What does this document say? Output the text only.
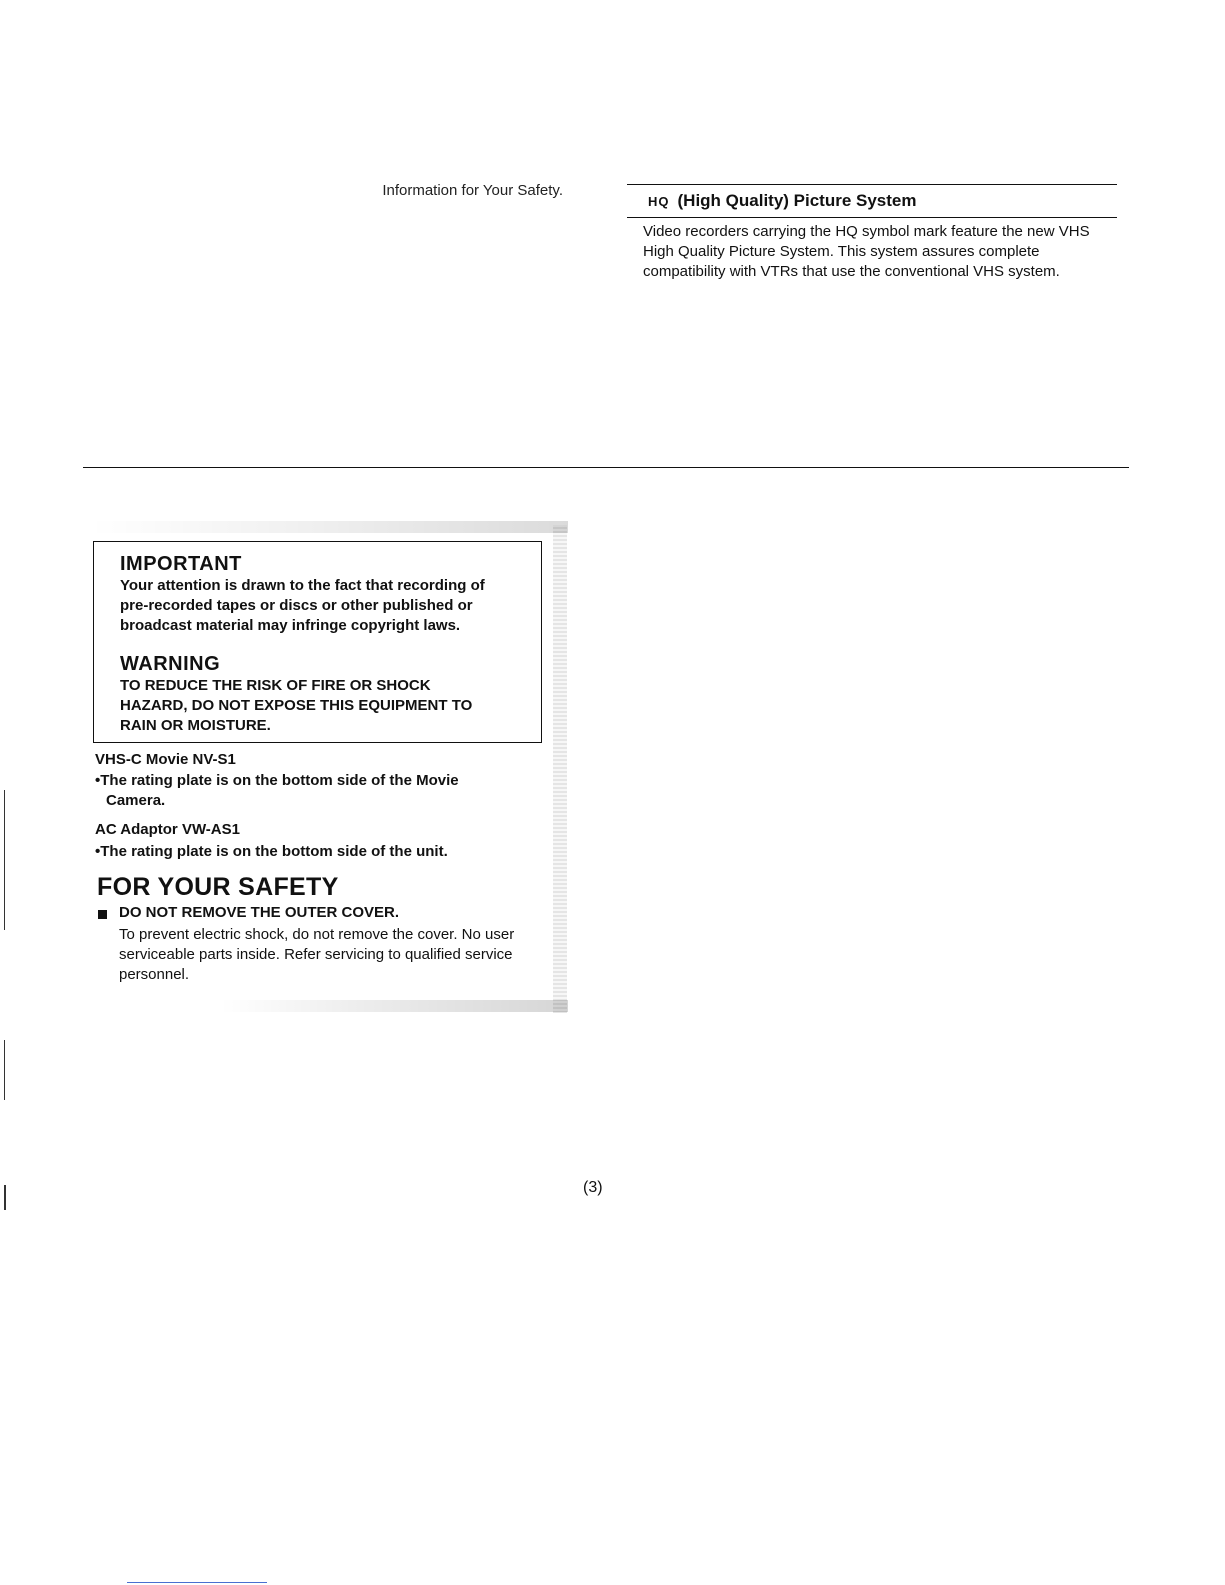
Information for Your Safety.
IMPORTANT
Your attention is drawn to the fact that recording of
pre-recorded tapes or discs or other published or
broadcast material may infringe copyright laws.
WARNING
TO REDUCE THE RISK OF FIRE OR SHOCK
HAZARD, DO NOT EXPOSE THIS EQUIPMENT TO
RAIN OR MOISTURE.
VHS-C Movie NV-S1
•The rating plate is on the bottom side of the Movie
Camera.
AC Adaptor VW-AS1
•The rating plate is on the bottom side of the unit.
FOR YOUR SAFETY
DO NOT REMOVE THE OUTER COVER.
To prevent electric shock, do not remove the cover. No user
serviceable parts inside. Refer servicing to qualified service
personnel.
HQ (High Quality) Picture System
Video recorders carrying the HQ symbol mark feature the new VHS
High Quality Picture System. This system assures complete
compatibility with VTRs that use the conventional VHS system.
(3)
